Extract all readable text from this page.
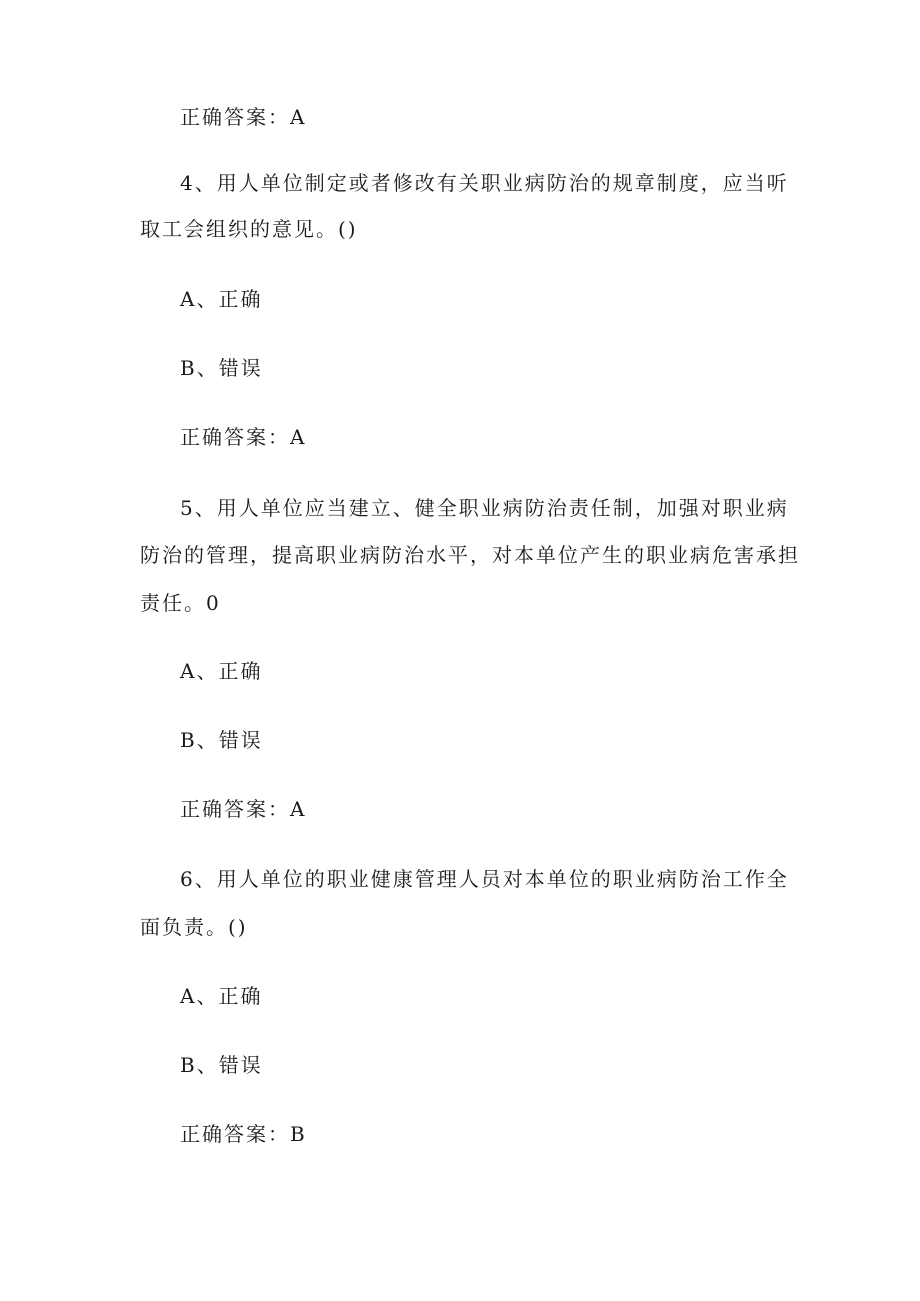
正确答案：A
4、用人单位制定或者修改有关职业病防治的规章制度，应当听
取工会组织的意见。()
A、正确
B、错误
正确答案：A
5、用人单位应当建立、健全职业病防治责任制，加强对职业病
防治的管理，提高职业病防治水平，对本单位产生的职业病危害承担
责任。0
A、正确
B、错误
正确答案：A
6、用人单位的职业健康管理人员对本单位的职业病防治工作全
面负责。()
A、正确
B、错误
正确答案：B
